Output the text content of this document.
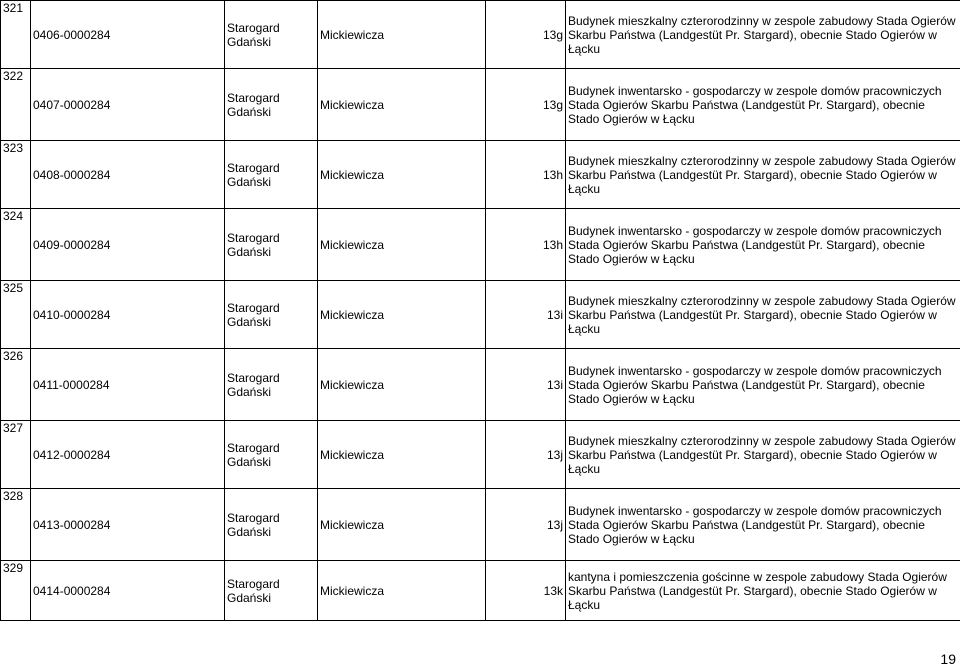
321	0406-0000284	Starogard Gdański	Mickiewicza	13g	Budynek mieszkalny czterorodzinny w zespole zabudowy Stada Ogierów Skarbu Państwa (Landgestüt Pr. Stargard), obecnie Stado Ogierów w Łącku
322	0407-0000284	Starogard Gdański	Mickiewicza	13g	Budynek inwentarsko - gospodarczy w zespole domów pracowniczych Stada Ogierów Skarbu Państwa (Landgestüt Pr. Stargard), obecnie Stado Ogierów w Łącku
323	0408-0000284	Starogard Gdański	Mickiewicza	13h	Budynek mieszkalny czterorodzinny w zespole zabudowy Stada Ogierów Skarbu Państwa (Landgestüt Pr. Stargard), obecnie Stado Ogierów w Łącku
324	0409-0000284	Starogard Gdański	Mickiewicza	13h	Budynek inwentarsko - gospodarczy w zespole domów pracowniczych Stada Ogierów Skarbu Państwa (Landgestüt Pr. Stargard), obecnie Stado Ogierów w Łącku
325	0410-0000284	Starogard Gdański	Mickiewicza	13i	Budynek mieszkalny czterorodzinny w zespole zabudowy Stada Ogierów Skarbu Państwa (Landgestüt Pr. Stargard), obecnie Stado Ogierów w Łącku
326	0411-0000284	Starogard Gdański	Mickiewicza	13i	Budynek inwentarsko - gospodarczy w zespole domów pracowniczych Stada Ogierów Skarbu Państwa (Landgestüt Pr. Stargard), obecnie Stado Ogierów w Łącku
327	0412-0000284	Starogard Gdański	Mickiewicza	13j	Budynek mieszkalny czterorodzinny w zespole zabudowy Stada Ogierów Skarbu Państwa (Landgestüt Pr. Stargard), obecnie Stado Ogierów w Łącku
328	0413-0000284	Starogard Gdański	Mickiewicza	13j	Budynek inwentarsko - gospodarczy w zespole domów pracowniczych Stada Ogierów Skarbu Państwa (Landgestüt Pr. Stargard), obecnie Stado Ogierów w Łącku
329	0414-0000284	Starogard Gdański	Mickiewicza	13k	kantyna i pomieszczenia gościnne w zespole zabudowy Stada Ogierów Skarbu Państwa (Landgestüt Pr. Stargard), obecnie Stado Ogierów w Łącku
19
